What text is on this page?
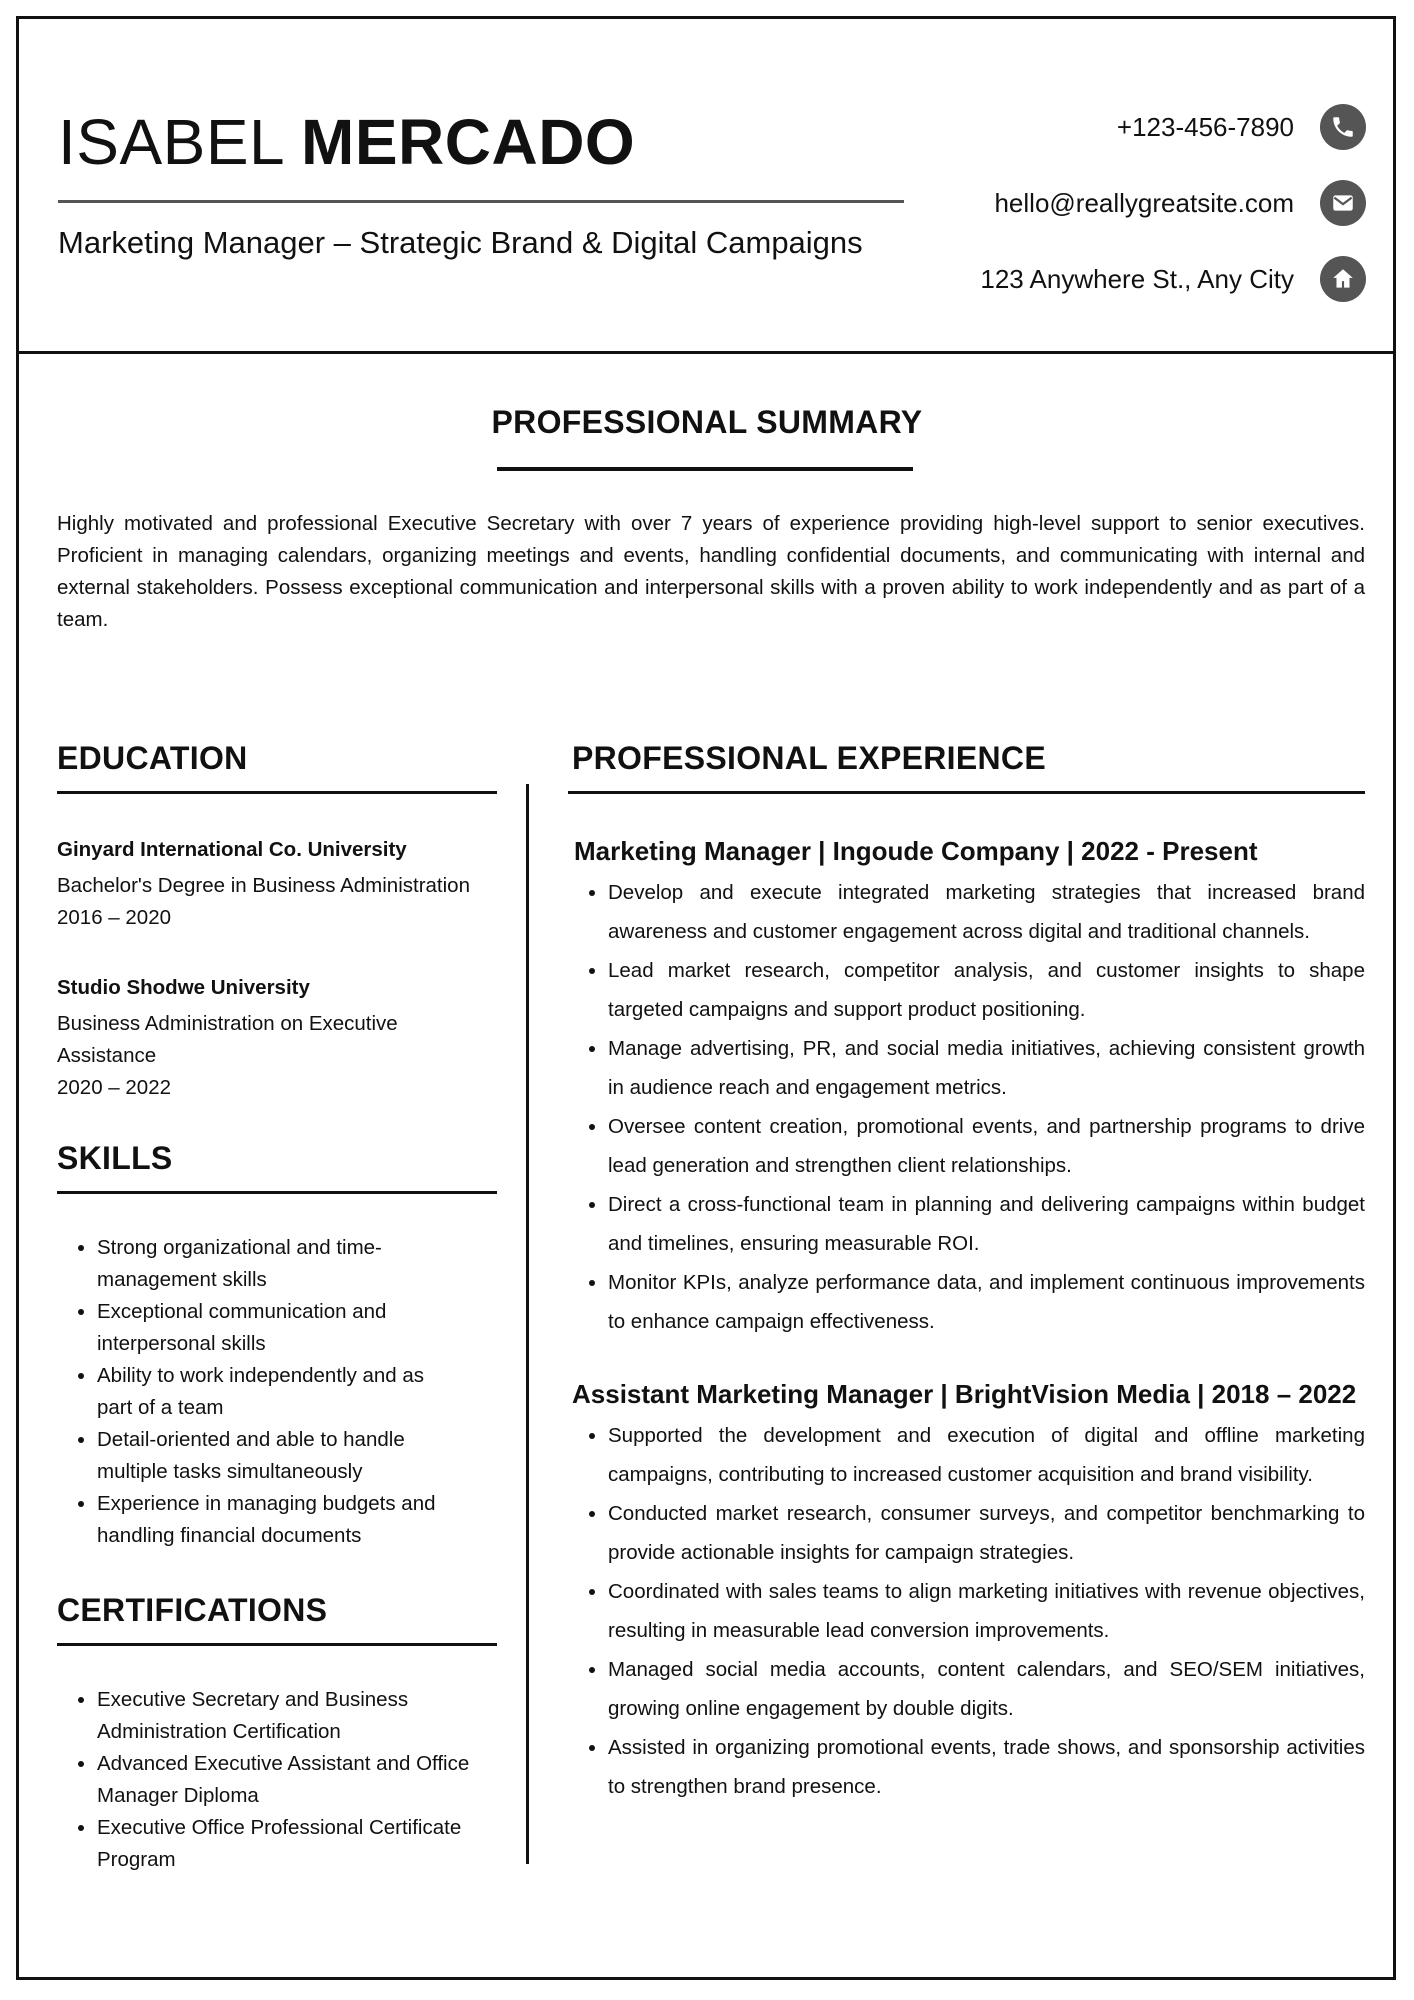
ISABEL MERCADO
Marketing Manager – Strategic Brand & Digital Campaigns
+123-456-7890
hello@reallygreatsite.com
123 Anywhere St., Any City
PROFESSIONAL SUMMARY

Highly motivated and professional Executive Secretary with over 7 years of experience providing high-level support to senior executives. Proficient in managing calendars, organizing meetings and events, handling confidential documents, and communicating with internal and external stakeholders. Possess exceptional communication and interpersonal skills with a proven ability to work independently and as part of a team.

EDUCATION
Ginyard International Co. University
Bachelor's Degree in Business Administration
2016 – 2020
Studio Shodwe University
Business Administration on Executive Assistance
2020 – 2022
SKILLS
• Strong organizational and time-management skills
• Exceptional communication and interpersonal skills
• Ability to work independently and as part of a team
• Detail-oriented and able to handle multiple tasks simultaneously
• Experience in managing budgets and handling financial documents
CERTIFICATIONS
• Executive Secretary and Business Administration Certification
• Advanced Executive Assistant and Office Manager Diploma
• Executive Office Professional Certificate Program
PROFESSIONAL EXPERIENCE
Marketing Manager | Ingoude Company | 2022 - Present
• Develop and execute integrated marketing strategies that increased brand awareness and customer engagement across digital and traditional channels.
• Lead market research, competitor analysis, and customer insights to shape targeted campaigns and support product positioning.
• Manage advertising, PR, and social media initiatives, achieving consistent growth in audience reach and engagement metrics.
• Oversee content creation, promotional events, and partnership programs to drive lead generation and strengthen client relationships.
• Direct a cross-functional team in planning and delivering campaigns within budget and timelines, ensuring measurable ROI.
• Monitor KPIs, analyze performance data, and implement continuous improvements to enhance campaign effectiveness.
Assistant Marketing Manager | BrightVision Media | 2018 – 2022
• Supported the development and execution of digital and offline marketing campaigns, contributing to increased customer acquisition and brand visibility.
• Conducted market research, consumer surveys, and competitor benchmarking to provide actionable insights for campaign strategies.
• Coordinated with sales teams to align marketing initiatives with revenue objectives, resulting in measurable lead conversion improvements.
• Managed social media accounts, content calendars, and SEO/SEM initiatives, growing online engagement by double digits.
• Assisted in organizing promotional events, trade shows, and sponsorship activities to strengthen brand presence.
